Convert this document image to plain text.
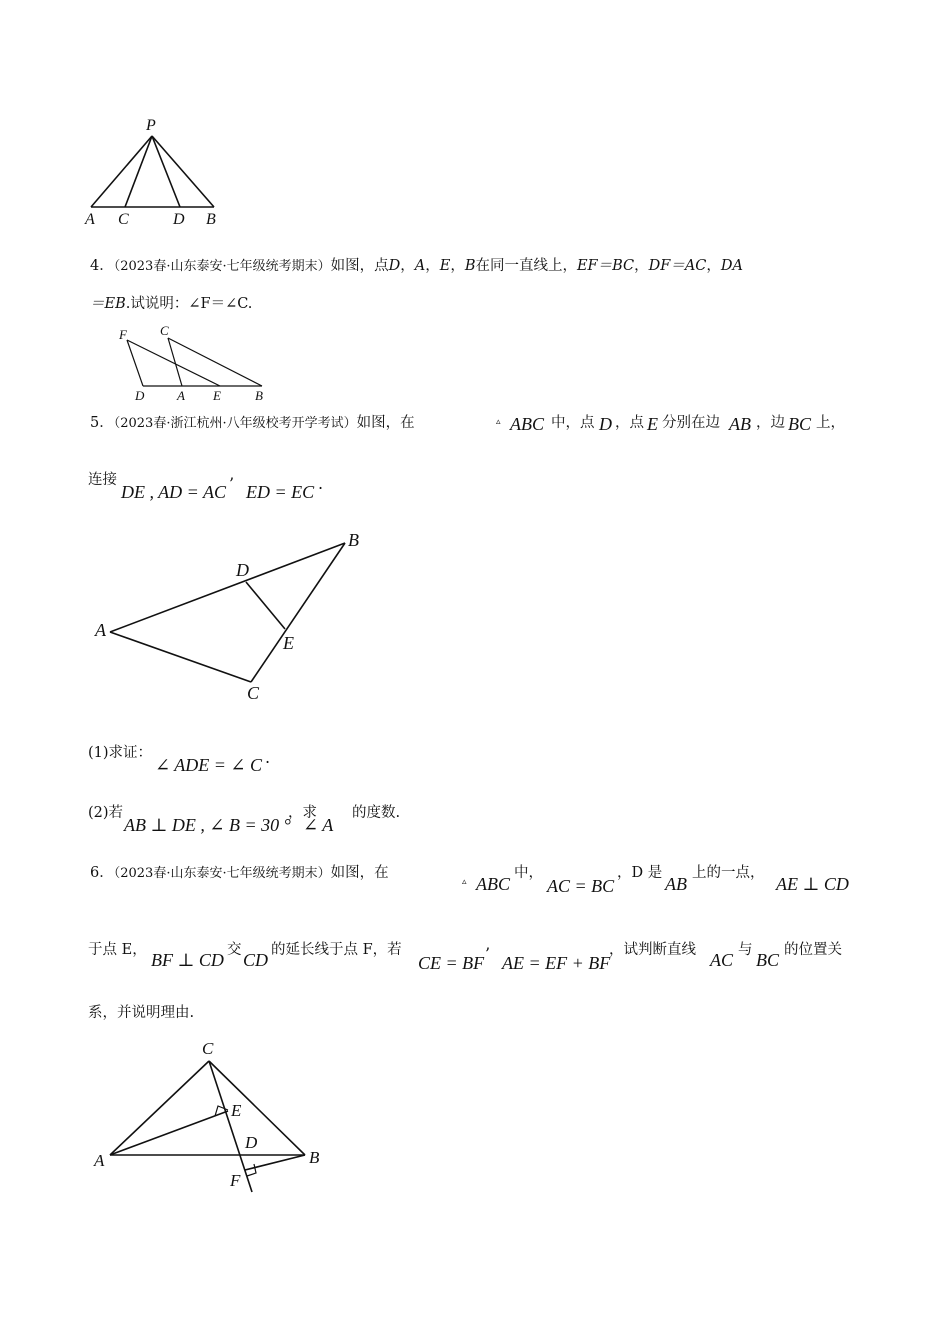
P
A C	D B
4．（2023春·山东泰安·七年级统考期末）如图，点D，A，E，B在同一直线上，EF＝BC，DF＝AC，DA
＝EB.试说明：∠F＝∠C.
F	C
D	A E	B
5．（2023春·浙江杭州·八年级校考开学考试）如图，在	▵ ABC 中，点 D ，点 E 分别在边 AB ，边 BC 上，
连接
DE , AD = AC ’ ED = EC .
A
B
D
E
C
(1)求证：
∠ ADE = ∠ C .
(2)若
AB ⊥ DE , ∠ B = 30 °
，求
∠ A
的度数.
6．（2023春·山东泰安·七年级统考期末）如图，在
▵ ABC
中，
AC = BC
，D 是
AB
上的一点，
AE ⊥ CD
于点 E， BF ⊥ CD 交 CD 的延长线于点 F，若
CE = BF ’ AE = EF + BF
，试判断直线 AC 与 BC 的位置关
系，并说明理由.
C
E
D
A	B
F
